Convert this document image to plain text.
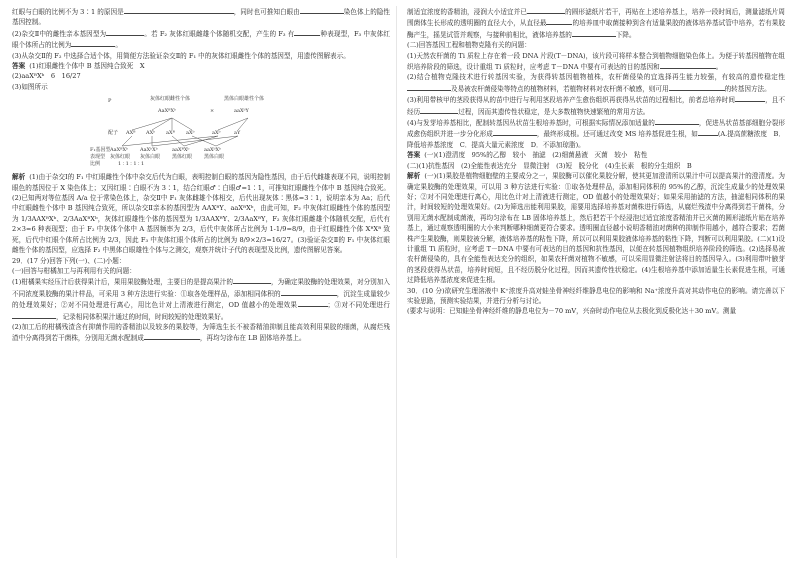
红眼与白眼的比例不为 3∶1 的原因是	，同时也可推知白眼由	染色体上的隐性基因控制。

(2)杂交Ⅱ中的雌性亲本基因型为	。若 F₂ 灰体红眼雌雄个体随机交配，产生的 F₃ 有	种表现型，F₃ 中灰体红眼个体所占的比例为	。

(3)从杂交Ⅱ的 F₂ 中选择合适个体，用简便方法验证杂交Ⅱ的 F₁ 中的灰体红眼雌性个体的基因型，用遗传图解表示。

答案 (1)红眼雌性个体中 B 基因纯合致死　X

(2)aaXᴮXᵇ　6　16/27

(3)如图所示

P	灰体红眼雌性个体	黑体白眼雄性个体
AaXᴮXᵇ	×	aaXᵇY
配子 AXᴮ AXᵇ aXᴮ aXᵇ	aXᵇ	aY
F₁基因型 AaXᴮXᵇ AaXᵇXᵇ	aaXᴮXᵇ	aaXᵇXᵇ
表现型 灰体红眼 灰体白眼 黑体红眼 黑体白眼
比例	1 ∶ 1 ∶ 1 ∶ 1

解析 (1)由于杂交Ⅰ的 F₁ 中红眼雌性个体中杂交后代为白眼，表明控制白眼的基因为隐性基因，由于后代雌雄表现不同，说明控制眼色的基因位于 X 染色体上；又因红眼∶白眼不为 3∶1，结合红眼♂∶白眼♂=1∶1，可推知红眼雌性个体中 B 基因纯合致死。(2)已知两对等位基因 A/a 位于常染色体上，杂交Ⅱ中 F₁ 灰体雌雄个体相交，后代出现灰体∶黑体=3∶1，说明亲本为 Aa；后代中红眼雌性个体中 B 基因纯合致死，所以杂交Ⅱ亲本的基因型为 AAXᴮY、aaXᴮXᵇ，由此可知，F₂ 中灰体红眼雌性个体的基因型为 1/3AAXᴮXᵇ、2/3AaXᴮXᵇ，灰体红眼雄性个体的基因型为 1/3AAXᴮY、2/3AaXᴮY，F₂ 灰体红眼雌雄个体随机交配，后代有 2×3=6 种表现型；由于 F₂ 中灰体个体中 A 基因频率为 2/3，后代中灰体所占比例为 1-1/9=8/9，由于红眼雌性个体 XᴮXᴮ 致死，后代中红眼个体所占比例为 2/3，因此 F₃ 中灰体红眼个体所占的比例为 8/9×2/3=16/27。(3)验证杂交Ⅱ的 F₁ 中灰体红眼雌性个体的基因型，应选择 F₂ 中黑体白眼雄性个体与之测交，观察并统计子代的表现型及比例，遗传图解见答案。

29．(17 分)回答下列(一)、(二)小题：

(一)回答与柑橘加工与再利用有关的问题：

(1)柑橘果实经压汁后获得果汁后，果用果胶酶处理，主要目的是提高果汁的	，为确定果胶酶的处理效果，对分别加入不同浓度果胶酶的果汁样品，可采用 3 种方法进行实验：①取各处理样品，添加相同体积的	，沉淀生成量较少的处理效果好；②对不同处理进行离心，用比色计对上清液进行测定，OD 值越小的处理效果	；③对不同处理进行，记录相同体积果汁通过的时间，时间较短的处理效果好。

(2)加工后的柑橘残渣含有抑菌作用的香精油以及较多的果胶等，为筛选生长不被香精油抑制且能高效利用果胶的细菌，从腐烂残渣中分离得到若干菌株，分别用无菌水配制成	，再均匀涂布在 LB 固体培养基上。

制适宜浓度的香精油，浸润大小适宜并已	的圆形滤纸片若干，再贴在上述培养基上，培养一段时间后，测量滤纸片周围菌体生长形成的透明圈的直径大小，从直径最	的培养皿中取菌接种到含有适量果胶的液体培养基试管中培养，若有果胶酶产生，摇晃试管并观察，与接种前相比，液体培养基的	下降。

(二)回答基因工程和植物克隆有关的问题：

(1)天然农杆菌的 Ti 质粒上存在着一段 DNA 片段(T－DNA)，该片段可将样本整合到植物细胞染色体上。为便于转基因植物在组织培养阶段的筛选，设计重组 Ti 质粒时，应考虑 T－DNA 中要有可表达的目的基因和	。

(2)结合植物克隆技术进行转基因实验，为获得转基因植物植株，农杆菌侵染的宜选择再生能力较强，有较高的遗传稳定性及易被农杆菌侵染等特点的植物材料，若植物材料对农杆菌不敏感，则可用	的转基因方法。

(3)利用带核甲的茎段获得从的苗中进行与利用茎段培养产生愈伤组织再获得丛状苗的过程相比，前者总培养时间	，且不经历	过程，因而其遗传性状稳定，是大多数植物快速繁殖的常用方法。

(4)与发芽培养基相比，配制转基因丛状苗生根培养基时，可根据实际情况添加适量的	，促进丛状苗基部细胞分裂形成愈伤组织并进一步分化形成	，最终形成根。还可通过改变 MS 培养基促进生根，如	(A.提高蔗糖浓度　B．降低培养基浓度　C．提高大量元素浓度　D．不添加琼脂)。

答案 (一)(1)澄清度　95%的乙醇　较小　抽滤　(2)细菌悬液　灭菌　较小　粘性

(二)(1)抗性基因　(2)全能性表达充分　显微注射　(3)短　脱分化　(4)生长素　根的分生组织　B

解析 (一)(1)果胶是植物细胞壁的主要成分之一，果胶酶可以催化果胶分解，使其更加澄清所以果汁中可以提高果汁的澄清度。为确定果胶酶的处理效果，可以用 3 种方法进行实验：①取各处理样品，添加相同体积的 95%的乙醇，沉淀生成量少的处理效果好；②对不同处理进行离心，用比色计对上清液进行测定，OD 值越小的处理效果好；如果采用抽滤的方法，抽滤相同体积的果汁，时间较短的处理效果好。(2)为筛选出能利用果胶，需要用选择培养基对菌株进行筛选，从腐烂残渣中分离得到若干菌株，分别用无菌水配制成菌液，再均匀涂布在 LB 固体培养基上，然后把若干个经浸泡过适宜浓度香精油并已灭菌的圆形滤纸片贴在培养基上，通过观察透明圈的大小来判断哪种细菌更符合要求。透明圈直径越小说明香精油对菌种的抑制作用越小，越符合要求；若菌株产生果胶酶，则果胶被分解，液体培养基的粘性下降，所以可以利用果胶液体培养基的粘性下降，判断可以利用果胶。(二)(1)设计重组 Ti 质粒时，应考虑 T－DNA 中要有可表达的目的基因和抗性基因，以便在转基因植物组织培养阶段的筛选。(2)选择易被农杆菌侵染的，具有全能性表达充分的组织，如果农杆菌对植物不敏感，可以采用显微注射法将目的基因导入。(3)利用带叶腋芽的茎段获得丛状苗，培养时间短，且不经历脱分化过程，因而其遗传性状稳定。(4)生根培养基中添加适量生长素促进生根，可通过降低培养基浓度来促进生根。

30．(10 分)欲研究生理溶液中 K⁺浓度升高对蛙坐骨神经纤维静息电位的影响和 Na⁺浓度升高对其动作电位的影响。请完善以下实验思路，预测实验结果，并进行分析与讨论。

(要求与说明：已知蛙坐骨神经纤维的静息电位为－70 mV，兴奋时动作电位从去极化到反极化达＋30 mV。测量
